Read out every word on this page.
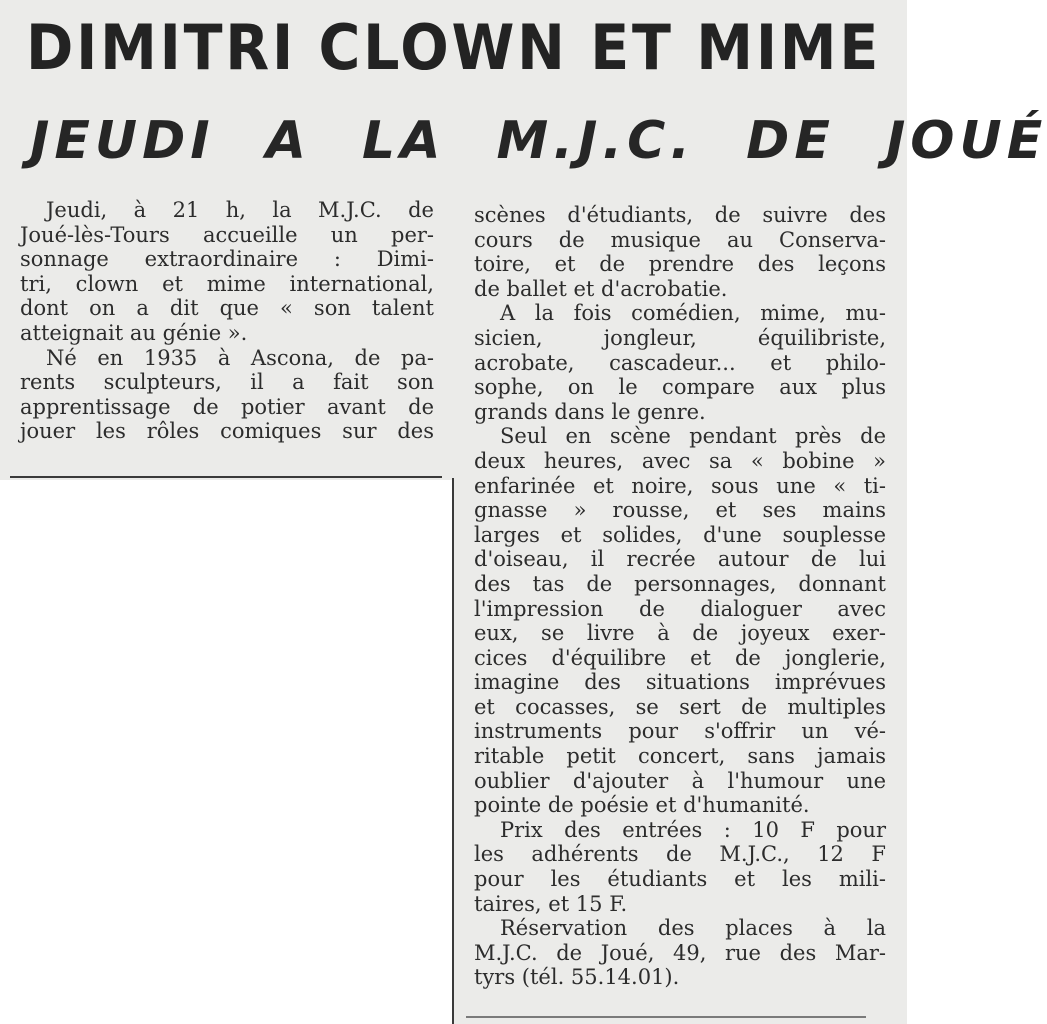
DIMITRI CLOWN ET MIME
JEUDI A LA M.J.C. DE JOUÉ
Jeudi, à 21 h, la M.J.C. de
Joué-lès-Tours accueille un per-
sonnage extraordinaire : Dimi-
tri, clown et mime international,
dont on a dit que « son talent
atteignait au génie ».
Né en 1935 à Ascona, de pa-
rents sculpteurs, il a fait son
apprentissage de potier avant de
jouer les rôles comiques sur des
scènes d'étudiants, de suivre des
cours de musique au Conserva-
toire, et de prendre des leçons
de ballet et d'acrobatie.
A la fois comédien, mime, mu-
sicien, jongleur, équilibriste,
acrobate, cascadeur... et philo-
sophe, on le compare aux plus
grands dans le genre.
Seul en scène pendant près de
deux heures, avec sa « bobine »
enfarinée et noire, sous une « ti-
gnasse » rousse, et ses mains
larges et solides, d'une souplesse
d'oiseau, il recrée autour de lui
des tas de personnages, donnant
l'impression de dialoguer avec
eux, se livre à de joyeux exer-
cices d'équilibre et de jonglerie,
imagine des situations imprévues
et cocasses, se sert de multiples
instruments pour s'offrir un vé-
ritable petit concert, sans jamais
oublier d'ajouter à l'humour une
pointe de poésie et d'humanité.
Prix des entrées : 10 F pour
les adhérents de M.J.C., 12 F
pour les étudiants et les mili-
taires, et 15 F.
Réservation des places à la
M.J.C. de Joué, 49, rue des Mar-
tyrs (tél. 55.14.01).
